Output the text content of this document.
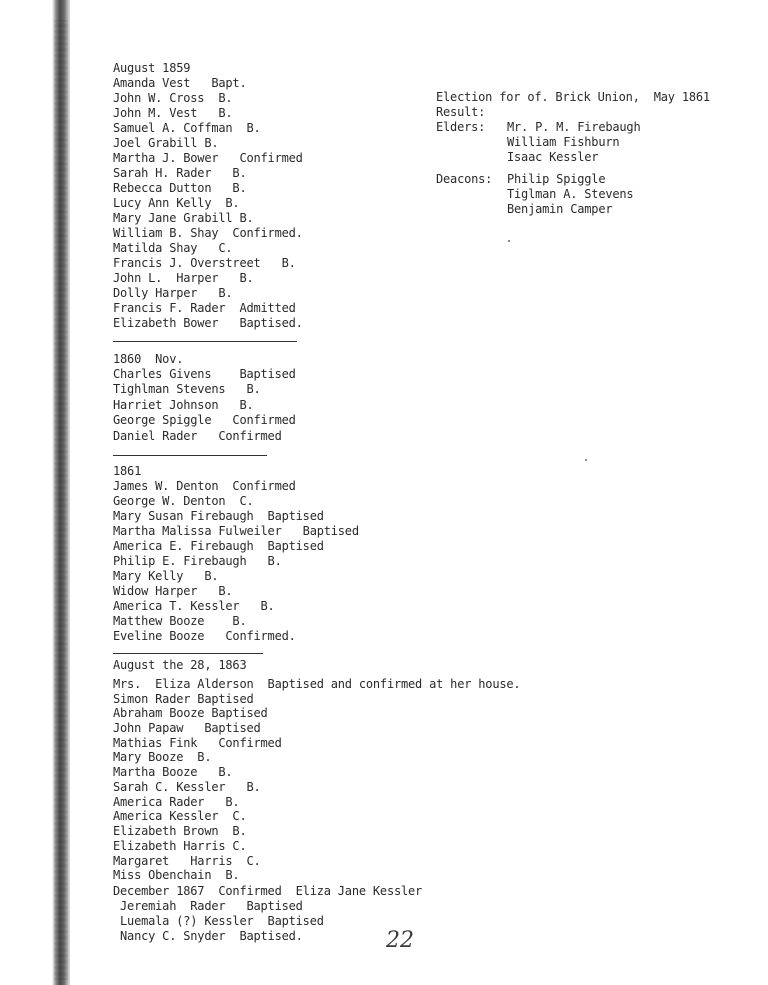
August 1859
Amanda Vest   Bapt.
John W. Cross  B.
John M. Vest   B.
Samuel A. Coffman  B.
Joel Grabill B.
Martha J. Bower   Confirmed
Sarah H. Rader   B.
Rebecca Dutton   B.
Lucy Ann Kelly  B.
Mary Jane Grabill B.
William B. Shay  Confirmed.
Matilda Shay   C.
Francis J. Overstreet   B.
John L.  Harper   B.
Dolly Harper   B.
Francis F. Rader  Admitted
Elizabeth Bower   Baptised.
1860  Nov.
Charles Givens    Baptised
Tighlman Stevens   B.
Harriet Johnson   B.
George Spiggle   Confirmed
Daniel Rader   Confirmed
1861
James W. Denton  Confirmed
George W. Denton  C.
Mary Susan Firebaugh  Baptised
Martha Malissa Fulweiler   Baptised
America E. Firebaugh  Baptised
Philip E. Firebaugh   B.
Mary Kelly   B.
Widow Harper   B.
America T. Kessler   B.
Matthew Booze    B.
Eveline Booze   Confirmed.
August the 28, 1863
Mrs.  Eliza Alderson  Baptised and confirmed at her house.
Simon Rader Baptised
Abraham Booze Baptised
John Papaw   Baptised
Mathias Fink   Confirmed
Mary Booze  B.
Martha Booze   B.
Sarah C. Kessler   B.
America Rader   B.
America Kessler  C.
Elizabeth Brown  B.
Elizabeth Harris C.
Margaret   Harris  C.
Miss Obenchain  B.
December 1867  Confirmed  Eliza Jane Kessler
Jeremiah  Rader   Baptised
Luemala (?) Kessler  Baptised
Nancy C. Snyder  Baptised.
Election for of. Brick Union,  May 1861
Result:
Elders: Mr. P. M. Firebaugh
William Fishburn
Isaac Kessler
Deacons: Philip Spiggle
Tiglman A. Stevens
Benjamin Camper
22
